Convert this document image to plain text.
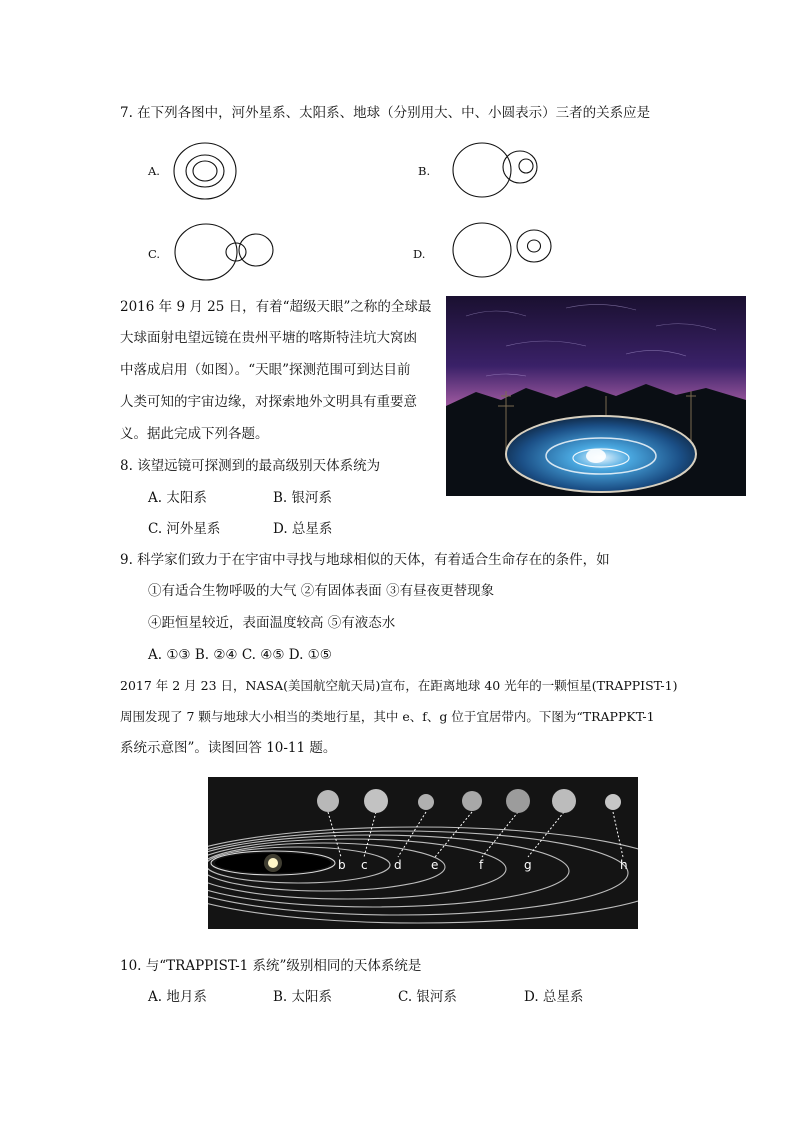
7. 在下列各图中，河外星系、太阳系、地球（分别用大、中、小圆表示）三者的关系应是
A.	B.
C.	D.
2016 年 9 月 25 日，有着“超级天眼”之称的全球最
大球面射电望远镜在贵州平塘的喀斯特洼坑大窝凼
中落成启用（如图）。“天眼”探测范围可到达目前
人类可知的宇宙边缘，对探索地外文明具有重要意
义。据此完成下列各题。
8. 该望远镜可探测到的最高级别天体系统为
A. 太阳系	B. 银河系
C. 河外星系	D. 总星系
9. 科学家们致力于在宇宙中寻找与地球相似的天体，有着适合生命存在的条件，如
①有适合生物呼吸的大气 ②有固体表面 ③有昼夜更替现象
④距恒星较近，表面温度较高 ⑤有液态水
A. ①③ B. ②④ C. ④⑤ D. ①⑤
2017 年 2 月 23 日，NASA(美国航空航天局)宣布，在距离地球 40 光年的一颗恒星(TRAPPIST-1)
周围发现了 7 颗与地球大小相当的类地行星，其中 e、f、g 位于宜居带内。下图为“TRAPPKT-1
系统示意图”。读图回答 10-11 题。
b c d e	f	g	h
10. 与“TRAPPIST-1 系统”级别相同的天体系统是
A. 地月系	B. 太阳系	C. 银河系	D. 总星系
